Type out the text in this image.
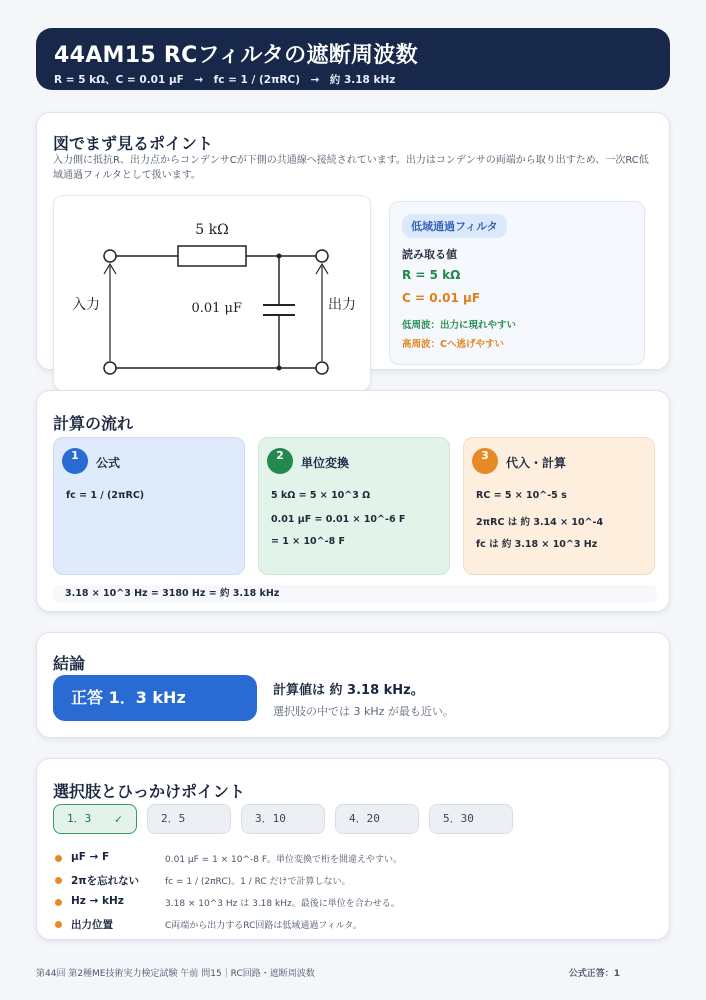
44AM15 RCフィルタの遮断周波数
R = 5 kΩ、C = 0.01 μF　→　fc = 1 / (2πRC)　→　約 3.18 kHz
図でまず見るポイント
入力側に抵抗R、出力点からコンデンサCが下側の共通線へ接続されています。出力はコンデンサの両端から取り出すため、一次RC低域通過フィルタとして扱います。
5 kΩ
0.01 μF
入力	出力
低域通過フィルタ
読み取る値
R = 5 kΩ
C = 0.01 μF
低周波：出力に現れやすい
高周波：Cへ逃げやすい
計算の流れ
1
公式
fc = 1 / (2πRC)
2
単位変換
5 kΩ = 5 × 10^3 Ω
0.01 μF = 0.01 × 10^-6 F
= 1 × 10^-8 F
3
代入・計算
RC = 5 × 10^-5 s
2πRC は 約 3.14 × 10^-4
fc は 約 3.18 × 10^3 Hz
3.18 × 10^3 Hz = 3180 Hz = 約 3.18 kHz
結論
正答 1．3 kHz	計算値は 約 3.18 kHz。
選択肢の中では 3 kHz が最も近い。
選択肢とひっかけポイント
1．3 ✓	2．5	3．10	4．20	5．30
μF → F	0.01 μF = 1 × 10^-8 F。単位変換で桁を間違えやすい。
2πを忘れない	fc = 1 / (2πRC)。1 / RC だけで計算しない。
Hz → kHz	3.18 × 10^3 Hz は 3.18 kHz。最後に単位を合わせる。
出力位置	C両端から出力するRC回路は低域通過フィルタ。
第44回 第2種ME技術実力検定試験 午前 問15｜RC回路・遮断周波数	公式正答：1
